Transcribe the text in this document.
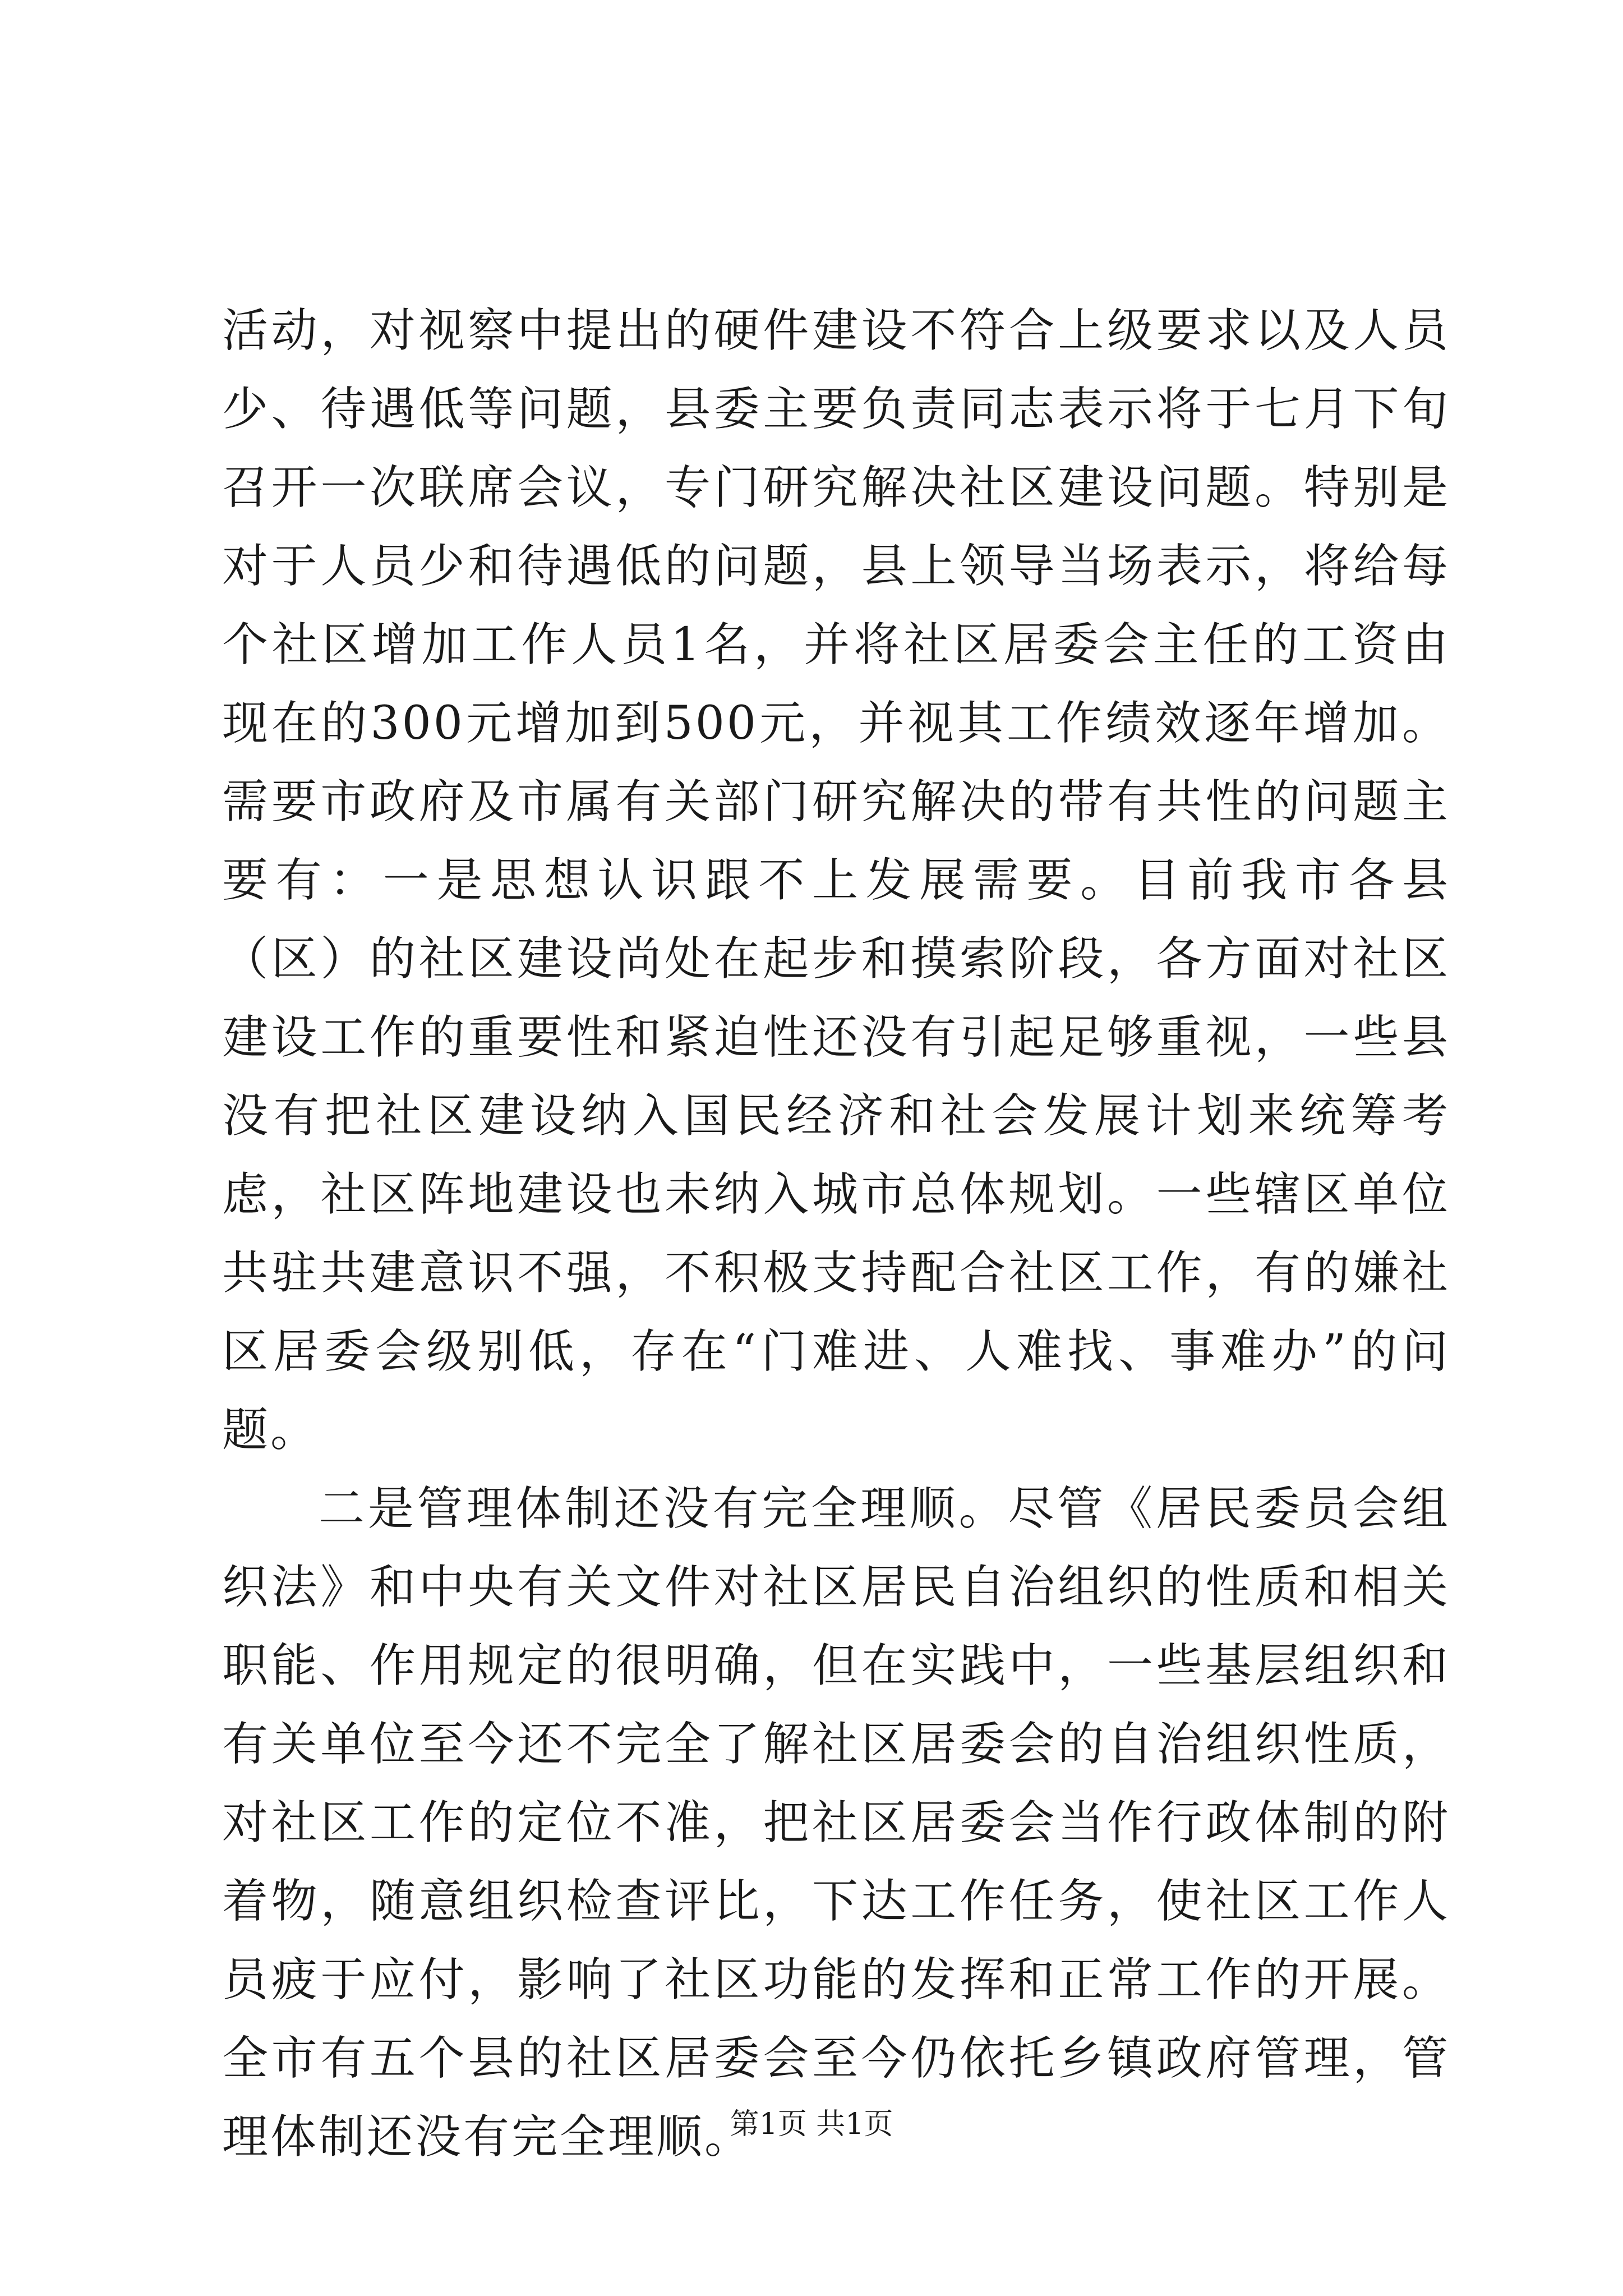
活动，对视察中提出的硬件建设不符合上级要求以及人员少、待遇低等问题，县委主要负责同志表示将于七月下旬召开一次联席会议，专门研究解决社区建设问题。特别是对于人员少和待遇低的问题，县上领导当场表示，将给每个社区增加工作人员1名，并将社区居委会主任的工资由现在的300元增加到500元，并视其工作绩效逐年增加。需要市政府及市属有关部门研究解决的带有共性的问题主要有：一是思想认识跟不上发展需要。目前我市各县（区）的社区建设尚处在起步和摸索阶段，各方面对社区建设工作的重要性和紧迫性还没有引起足够重视，一些县没有把社区建设纳入国民经济和社会发展计划来统筹考虑，社区阵地建设也未纳入城市总体规划。一些辖区单位共驻共建意识不强，不积极支持配合社区工作，有的嫌社区居委会级别低，存在“门难进、人难找、事难办”的问题。

二是管理体制还没有完全理顺。尽管《居民委员会组织法》和中央有关文件对社区居民自治组织的性质和相关职能、作用规定的很明确，但在实践中，一些基层组织和有关单位至今还不完全了解社区居委会的自治组织性质，对社区工作的定位不准，把社区居委会当作行政体制的附着物，随意组织检查评比，下达工作任务，使社区工作人员疲于应付，影响了社区功能的发挥和正常工作的开展。全市有五个县的社区居委会至今仍依托乡镇政府管理，管理体制还没有完全理顺。

第1页 共1页
